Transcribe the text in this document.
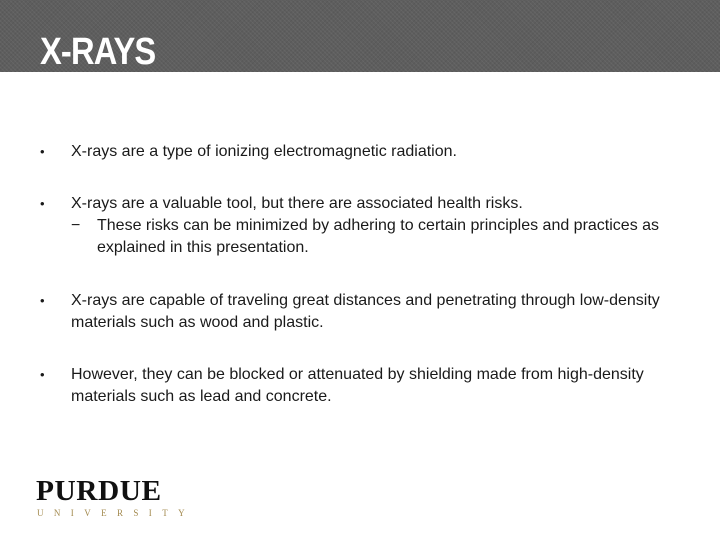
X-RAYS
• X-rays are a type of ionizing electromagnetic radiation.
• X-rays are a valuable tool, but there are associated health risks.
− These risks can be minimized by adhering to certain principles and practices as explained in this presentation.
• X-rays are capable of traveling great distances and penetrating through low-density materials such as wood and plastic.
• However, they can be blocked or attenuated by shielding made from high-density materials such as lead and concrete.
PURDUE
UNIVERSITY
